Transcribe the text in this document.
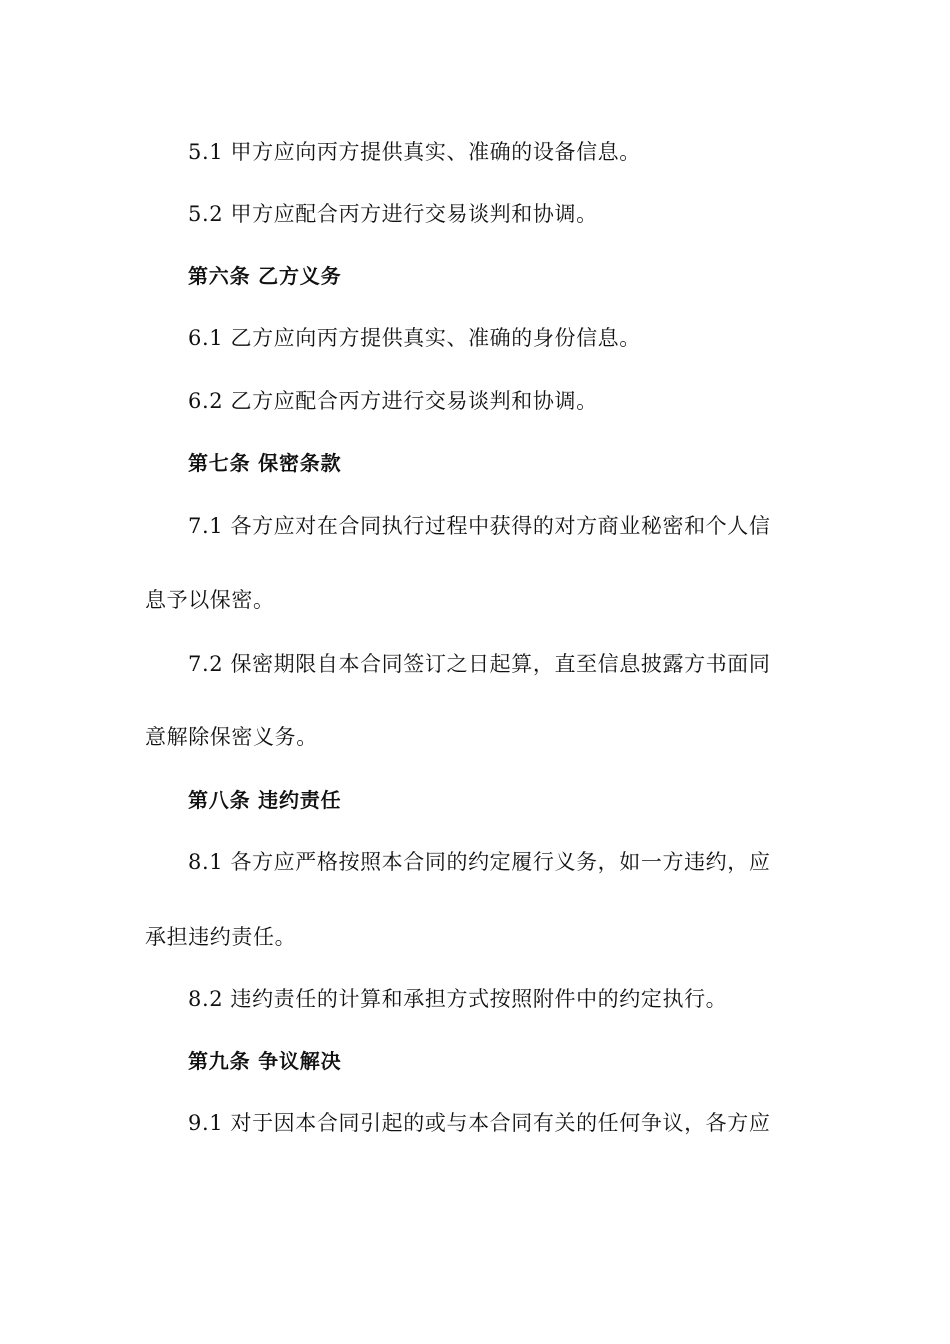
5.1 甲方应向丙方提供真实、准确的设备信息。
5.2 甲方应配合丙方进行交易谈判和协调。
第六条 乙方义务
6.1 乙方应向丙方提供真实、准确的身份信息。
6.2 乙方应配合丙方进行交易谈判和协调。
第七条 保密条款
7.1 各方应对在合同执行过程中获得的对方商业秘密和个人信
息予以保密。
7.2 保密期限自本合同签订之日起算，直至信息披露方书面同
意解除保密义务。
第八条 违约责任
8.1 各方应严格按照本合同的约定履行义务，如一方违约，应
承担违约责任。
8.2 违约责任的计算和承担方式按照附件中的约定执行。
第九条 争议解决
9.1 对于因本合同引起的或与本合同有关的任何争议，各方应
